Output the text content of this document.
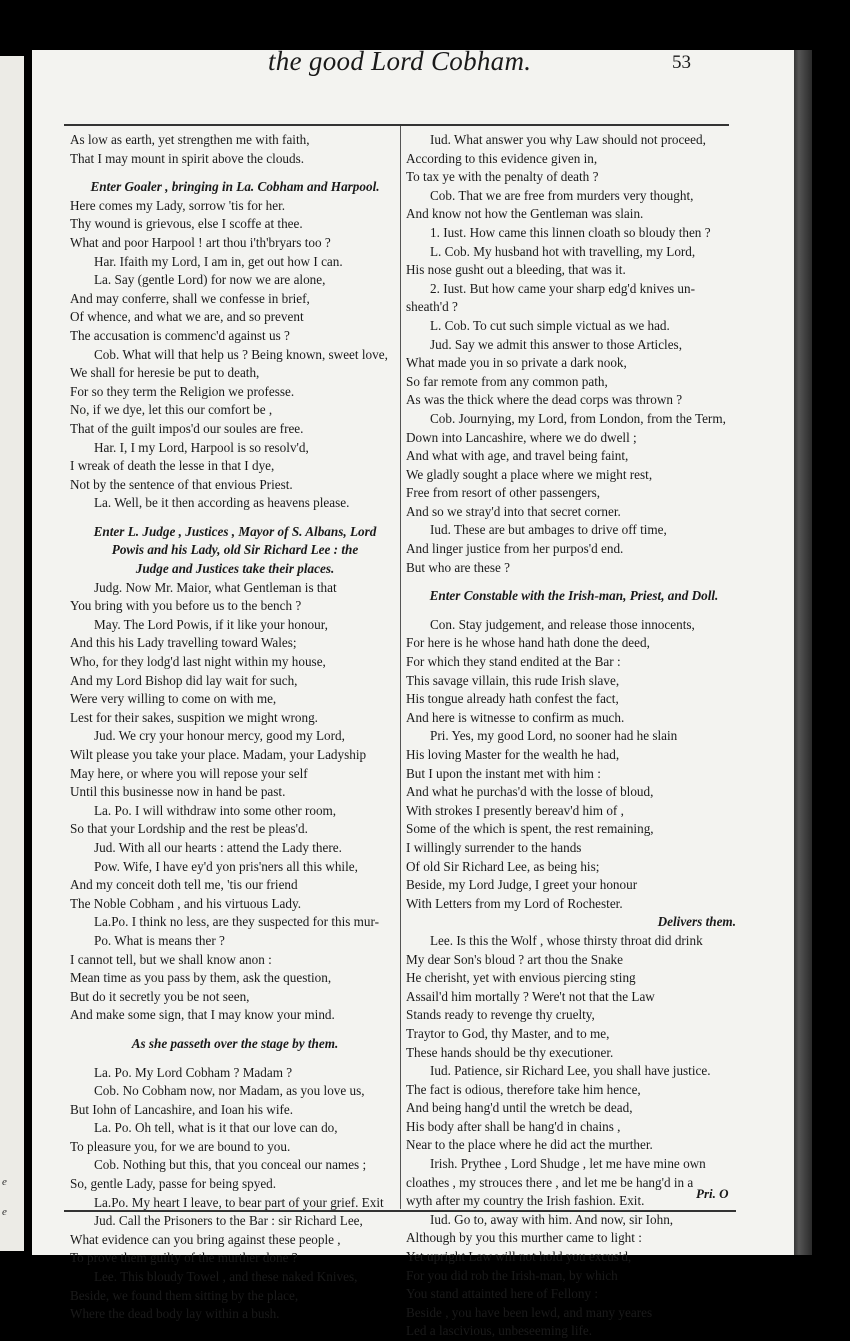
e
e
the good Lord Cobham.	53
As low as earth, yet strengthen me with faith,
That I may mount in spirit above the clouds.
Enter Goaler , bringing in La. Cobham and Harpool.
Here comes my Lady, sorrow 'tis for her.
Thy wound is grievous, else I scoffe at thee.
What and poor Harpool ! art thou i'th'bryars too ?
Har. Ifaith my Lord, I am in, get out how I can.
La. Say (gentle Lord) for now we are alone,
And may conferre, shall we confesse in brief,
Of whence, and what we are, and so prevent
The accusation is commenc'd against us ?
Cob. What will that help us ? Being known, sweet love,
We shall for heresie be put to death,
For so they term the Religion we professe.
No, if we dye, let this our comfort be ,
That of the guilt impos'd our soules are free.
Har. I, I my Lord, Harpool is so resolv'd,
I wreak of death the lesse in that I dye,
Not by the sentence of that envious Priest.
La. Well, be it then according as heavens please.
Enter L. Judge , Justices , Mayor of S. Albans, Lord
Powis and his Lady, old Sir Richard Lee : the
Judge and Justices take their places.
Judg. Now Mr. Maior, what Gentleman is that
You bring with you before us to the bench ?
May. The Lord Powis, if it like your honour,
And this his Lady travelling toward Wales;
Who, for they lodg'd last night within my house,
And my Lord Bishop did lay wait for such,
Were very willing to come on with me,
Lest for their sakes, suspition we might wrong.
Jud. We cry your honour mercy, good my Lord,
Wilt please you take your place. Madam, your Ladyship
May here, or where you will repose your self
Until this businesse now in hand be past.
La. Po. I will withdraw into some other room,
So that your Lordship and the rest be pleas'd.
Jud. With all our hearts : attend the Lady there.
Pow. Wife, I have ey'd yon pris'ners all this while,
And my conceit doth tell me, 'tis our friend
The Noble Cobham , and his virtuous Lady.
La.Po. I think no less, are they suspected for this mur-
Po. What is means ther ?
I cannot tell, but we shall know anon :
Mean time as you pass by them, ask the question,
But do it secretly you be not seen,
And make some sign, that I may know your mind.
As she passeth over the stage by them.
La. Po. My Lord Cobham ? Madam ?
Cob. No Cobham now, nor Madam, as you love us,
But Iohn of Lancashire, and Ioan his wife.
La. Po. Oh tell, what is it that our love can do,
To pleasure you, for we are bound to you.
Cob. Nothing but this, that you conceal our names ;
So, gentle Lady, passe for being spyed.
La.Po. My heart I leave, to bear part of your grief. Exit
Jud. Call the Prisoners to the Bar : sir Richard Lee,
What evidence can you bring against these people ,
To prove them guilty of the murther done ?
Lee. This bloudy Towel , and these naked Knives,
Beside, we found them sitting by the place,
Where the dead body lay within a bush.
Iud. What answer you why Law should not proceed,
According to this evidence given in,
To tax ye with the penalty of death ?
Cob. That we are free from murders very thought,
And know not how the Gentleman was slain.
1. Iust. How came this linnen cloath so bloudy then ?
L. Cob. My husband hot with travelling, my Lord,
His nose gusht out a bleeding, that was it.
2. Iust. But how came your sharp edg'd knives un-
sheath'd ?
L. Cob. To cut such simple victual as we had.
Jud. Say we admit this answer to those Articles,
What made you in so private a dark nook,
So far remote from any common path,
As was the thick where the dead corps was thrown ?
Cob. Journying, my Lord, from London, from the Term,
Down into Lancashire, where we do dwell ;
And what with age, and travel being faint,
We gladly sought a place where we might rest,
Free from resort of other passengers,
And so we stray'd into that secret corner.
Iud. These are but ambages to drive off time,
And linger justice from her purpos'd end.
But who are these ?
Enter Constable with the Irish-man, Priest, and Doll.
Con. Stay judgement, and release those innocents,
For here is he whose hand hath done the deed,
For which they stand endited at the Bar :
This savage villain, this rude Irish slave,
His tongue already hath confest the fact,
And here is witnesse to confirm as much.
Pri. Yes, my good Lord, no sooner had he slain
His loving Master for the wealth he had,
But I upon the instant met with him :
And what he purchas'd with the losse of bloud,
With strokes I presently bereav'd him of ,
Some of the which is spent, the rest remaining,
I willingly surrender to the hands
Of old Sir Richard Lee, as being his;
Beside, my Lord Judge, I greet your honour
With Letters from my Lord of Rochester.
Delivers them.
Lee. Is this the Wolf , whose thirsty throat did drink
My dear Son's bloud ? art thou the Snake
He cherisht, yet with envious piercing sting
Assail'd him mortally ? Were't not that the Law
Stands ready to revenge thy cruelty,
Traytor to God, thy Master, and to me,
These hands should be thy executioner.
Iud. Patience, sir Richard Lee, you shall have justice.
The fact is odious, therefore take him hence,
And being hang'd until the wretch be dead,
His body after shall be hang'd in chains ,
Near to the place where he did act the murther.
Irish. Prythee , Lord Shudge , let me have mine own
cloathes , my strouces there , and let me be hang'd in a
wyth after my country the Irish fashion. Exit.
Iud. Go to, away with him. And now, sir Iohn,
Although by you this murther came to light :
Yet upright Law will not hold you excus'd,
For you did rob the Irish-man, by which
You stand attainted here of Fellony :
Beside , you have been lewd, and many yeares
Led a lascivious, unbeseeming life.
Pri. O
